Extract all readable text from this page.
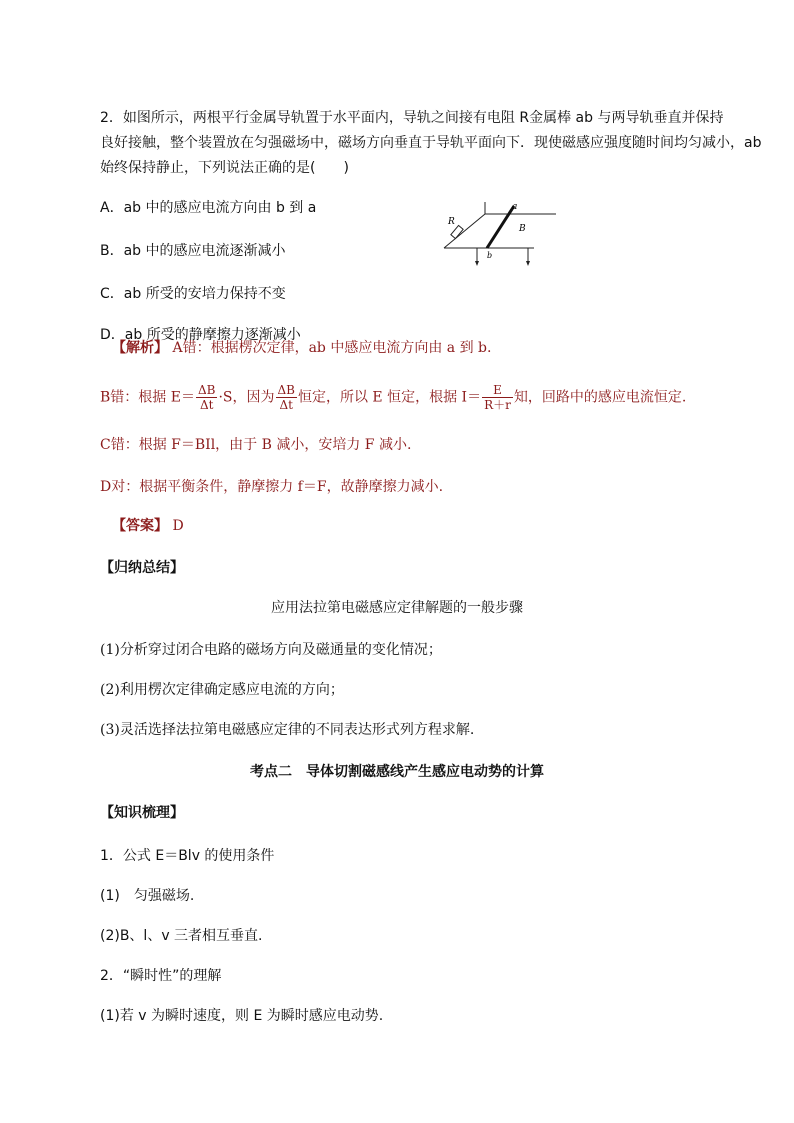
2．如图所示，两根平行金属导轨置于水平面内，导轨之间接有电阻 R金属棒 ab 与两导轨垂直并保持
良好接触，整个装置放在匀强磁场中，磁场方向垂直于导轨平面向下．现使磁感应强度随时间均匀减小，ab
始终保持静止，下列说法正确的是(　　)
A．ab 中的感应电流方向由 b 到 a
B．ab 中的感应电流逐渐减小
C．ab 所受的安培力保持不变
D．ab 所受的静摩擦力逐渐减小
R
a
B
b
【解析】 A错：根据楞次定律，ab 中感应电流方向由 a 到 b.
B错：根据 $E= \frac{\Delta B}{\Delta t} \cdot S$，因为 $\frac{\Delta B}{\Delta t}$ 恒定，所以 E 恒定，根据 $I= \frac{E}{R+r}$ 知，回路中的感应电流恒定.
C错：根据 F＝BIl，由于 B 减小，安培力 F 减小.
D对：根据平衡条件，静摩擦力 f＝F，故静摩擦力减小.
【答案】 D
【归纳总结】
应用法拉第电磁感应定律解题的一般步骤
(1)分析穿过闭合电路的磁场方向及磁通量的变化情况；
(2)利用楞次定律确定感应电流的方向；
(3)灵活选择法拉第电磁感应定律的不同表达形式列方程求解.
考点二　导体切割磁感线产生感应电动势的计算
【知识梳理】
1．公式 E＝Blv 的使用条件
(1)　匀强磁场.
(2)B、l、v 三者相互垂直.
2．“瞬时性”的理解
(1)若 v 为瞬时速度，则 E 为瞬时感应电动势.
